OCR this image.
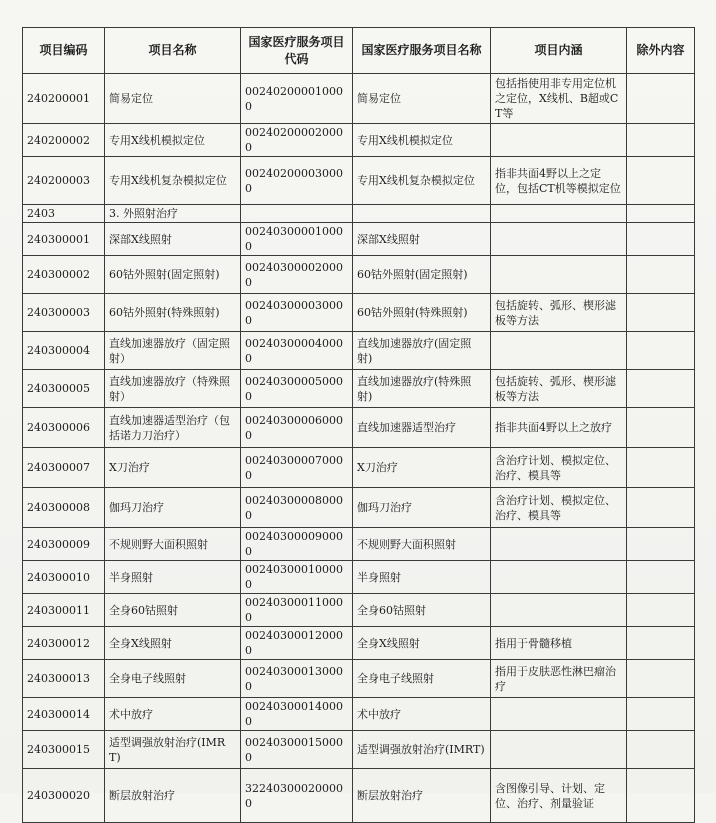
项目编码	项目名称	国家医疗服务项目代码	国家医疗服务项目名称	项目内涵	除外内容
240200001	简易定位	002402000010000	简易定位	包括指使用非专用定位机之定位，X线机、B超或CT等	
240200002	专用X线机模拟定位	002402000020000	专用X线机模拟定位		
240200003	专用X线机复杂模拟定位	002402000030000	专用X线机复杂模拟定位	指非共面4野以上之定位，包括CT机等模拟定位	
2403	3. 外照射治疗				
240300001	深部X线照射	002403000010000	深部X线照射		
240300002	60钴外照射(固定照射)	002403000020000	60钴外照射(固定照射)		
240300003	60钴外照射(特殊照射)	002403000030000	60钴外照射(特殊照射)	包括旋转、弧形、楔形滤板等方法	
240300004	直线加速器放疗（固定照射）	002403000040000	直线加速器放疗(固定照射)		
240300005	直线加速器放疗（特殊照射）	002403000050000	直线加速器放疗(特殊照射)	包括旋转、弧形、楔形滤板等方法	
240300006	直线加速器适型治疗（包括诺力刀治疗）	002403000060000	直线加速器适型治疗	指非共面4野以上之放疗	
240300007	X刀治疗	002403000070000	X刀治疗	含治疗计划、模拟定位、治疗、模具等	
240300008	伽玛刀治疗	002403000080000	伽玛刀治疗	含治疗计划、模拟定位、治疗、模具等	
240300009	不规则野大面积照射	002403000090000	不规则野大面积照射		
240300010	半身照射	002403000100000	半身照射		
240300011	全身60钴照射	002403000110000	全身60钴照射		
240300012	全身X线照射	002403000120000	全身X线照射	指用于骨髓移植	
240300013	全身电子线照射	002403000130000	全身电子线照射	指用于皮肤恶性淋巴瘤治疗	
240300014	术中放疗	002403000140000	术中放疗		
240300015	适型调强放射治疗(IMRT)	002403000150000	适型调强放射治疗(IMRT)		
240300020	断层放射治疗	322403000200000	断层放射治疗	含图像引导、计划、定位、治疗、剂量验证	
